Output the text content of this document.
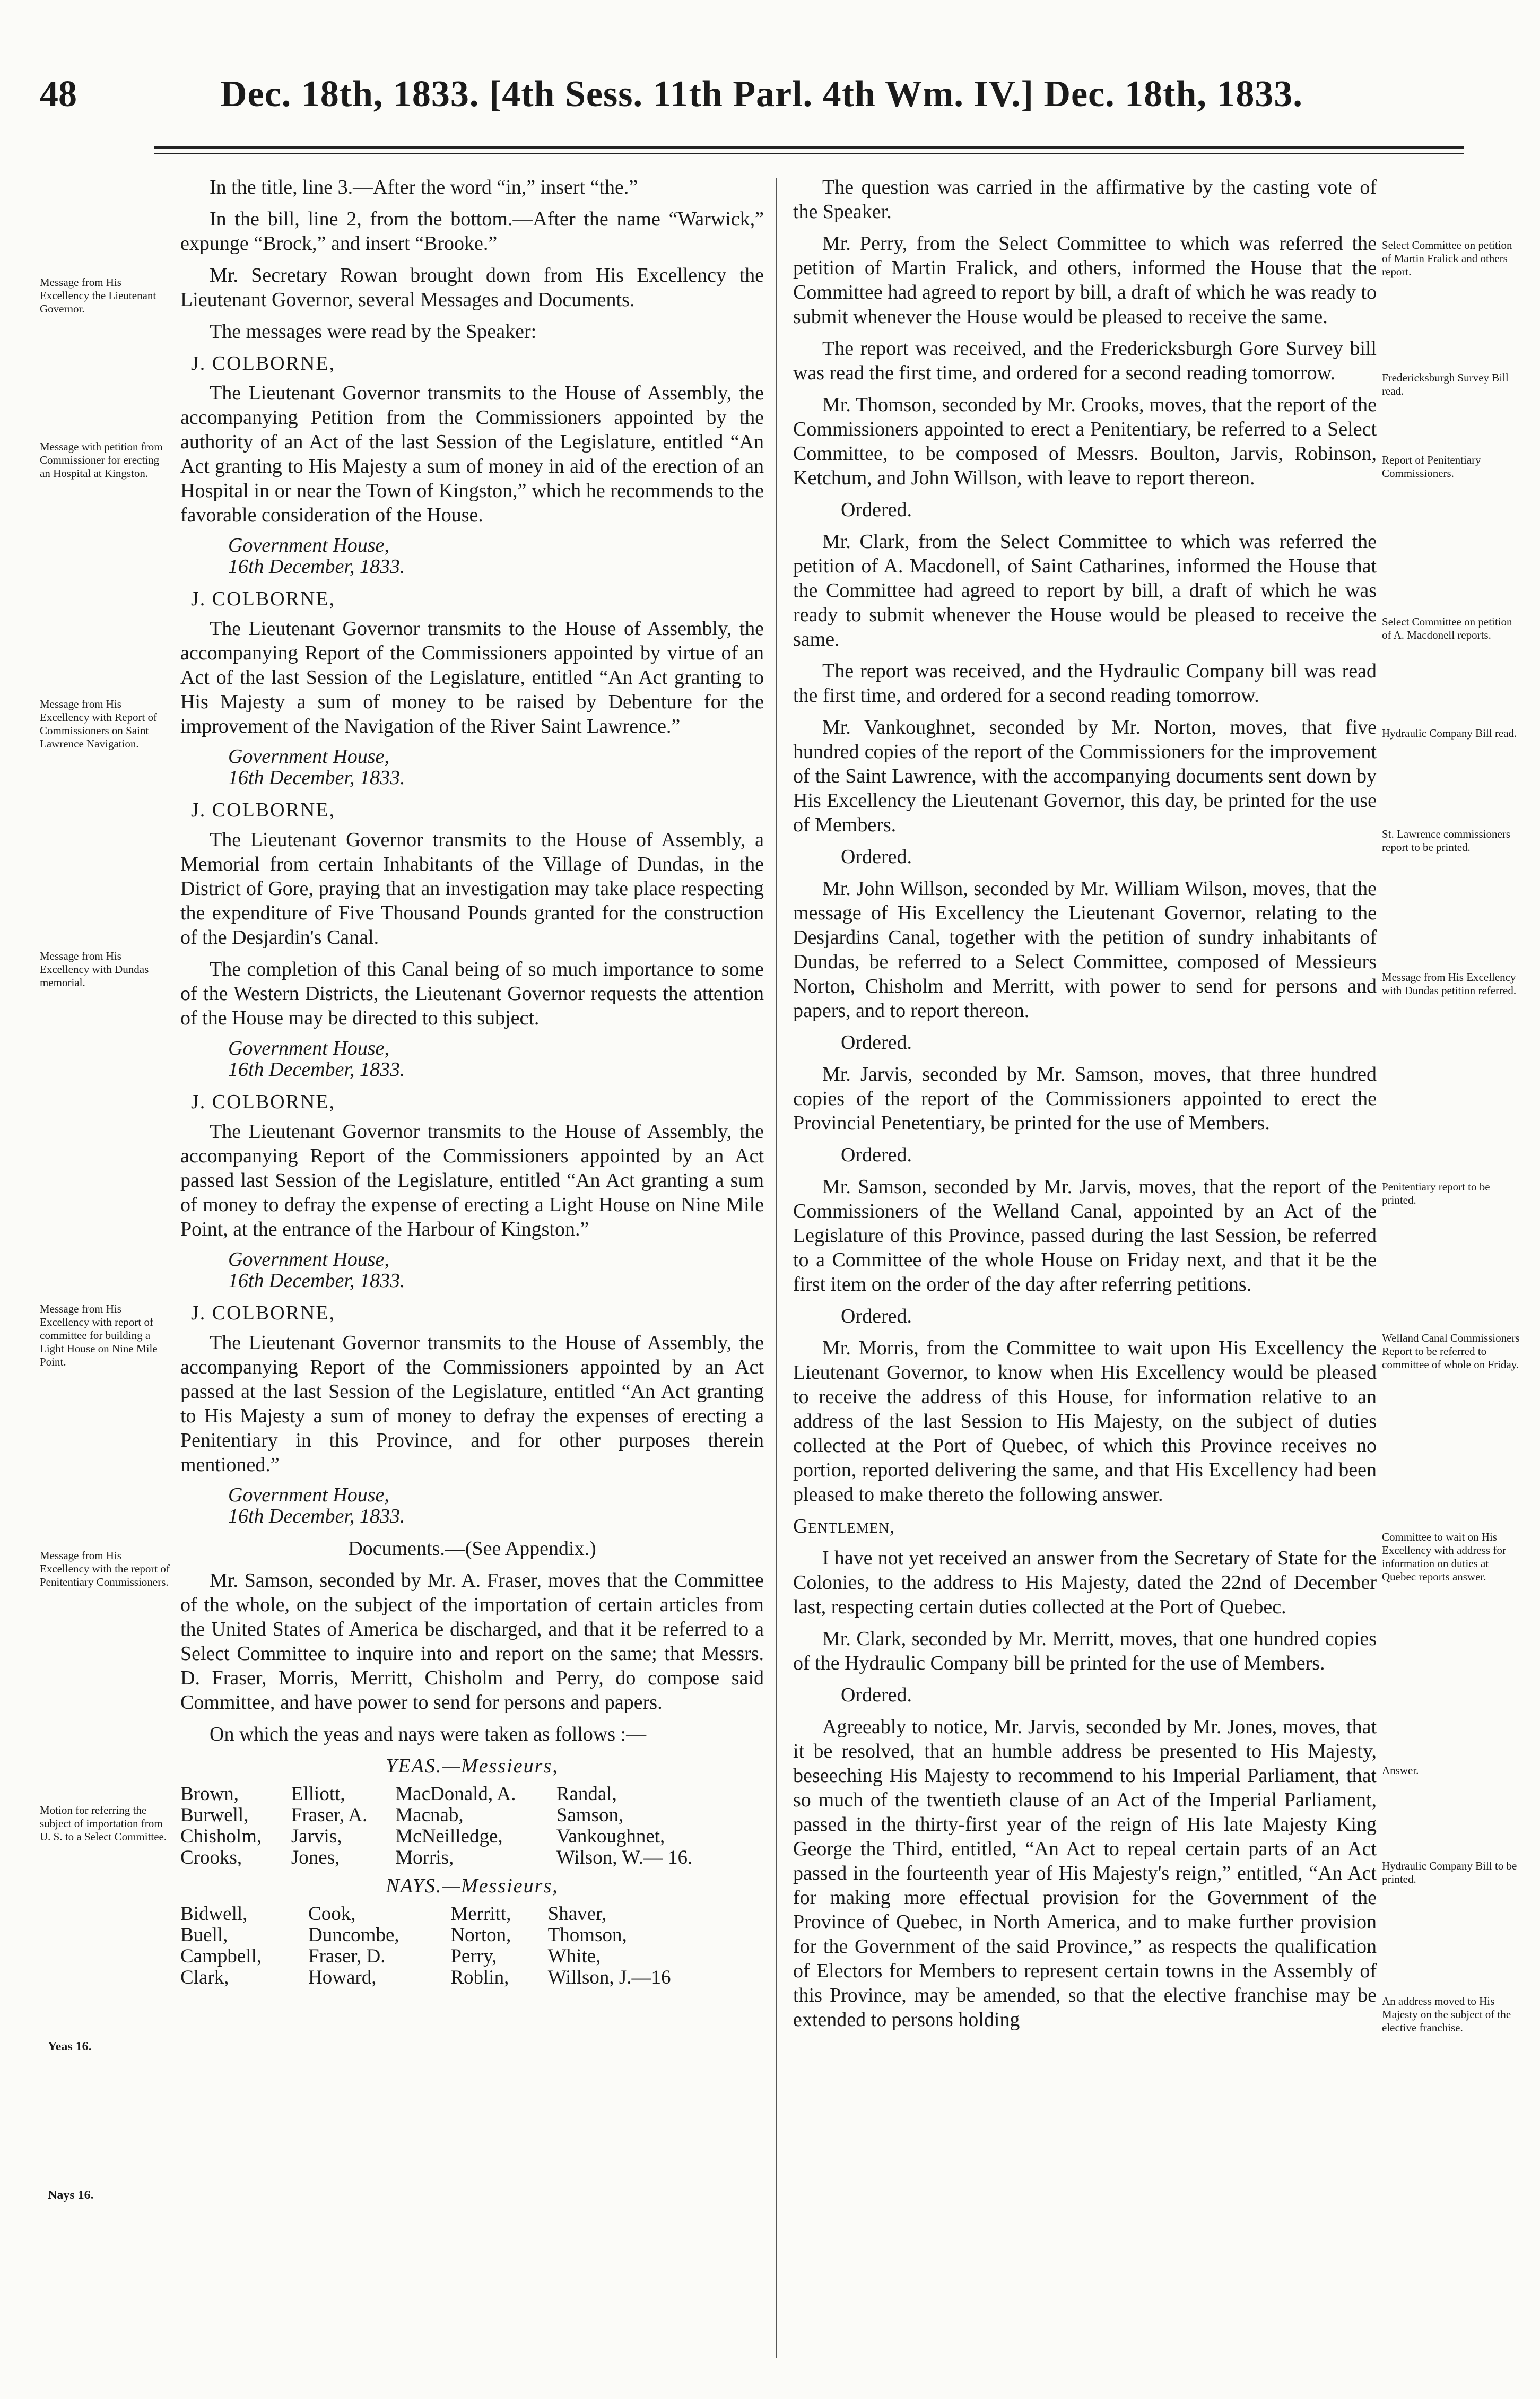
48	Dec. 18th, 1833. [4th Sess. 11th Parl. 4th Wm. IV.] Dec. 18th, 1833.

In the title, line 3.—After the word “in,” insert “the.”

In the bill, line 2, from the bottom.—After the name “Warwick,” expunge “Brock,” and insert “Brooke.”

Mr. Secretary Rowan brought down from His Excellency the Lieutenant Governor, several Messages and Documents.

The messages were read by the Speaker:

J. COLBORNE,

The Lieutenant Governor transmits to the House of Assembly, the accompanying Petition from the Commissioners appointed by the authority of an Act of the last Session of the Legislature, entitled “An Act granting to His Majesty a sum of money in aid of the erection of an Hospital in or near the Town of Kingston,” which he recommends to the favorable consideration of the House.

Government House,
16th December, 1833.
J. COLBORNE,

The Lieutenant Governor transmits to the House of Assembly, the accompanying Report of the Commissioners appointed by virtue of an Act of the last Session of the Legislature, entitled “An Act granting to His Majesty a sum of money to be raised by Debenture for the improvement of the Navigation of the River Saint Lawrence.”

Government House,
16th December, 1833.
J. COLBORNE,

The Lieutenant Governor transmits to the House of Assembly, a Memorial from certain Inhabitants of the Village of Dundas, in the District of Gore, praying that an investigation may take place respecting the expenditure of Five Thousand Pounds granted for the construction of the Desjardin's Canal.

The completion of this Canal being of so much importance to some of the Western Districts, the Lieutenant Governor requests the attention of the House may be directed to this subject.

Government House,
16th December, 1833.
J. COLBORNE,

The Lieutenant Governor transmits to the House of Assembly, the accompanying Report of the Commissioners appointed by an Act passed last Session of the Legislature, entitled “An Act granting a sum of money to defray the expense of erecting a Light House on Nine Mile Point, at the entrance of the Harbour of Kingston.”

Government House,
16th December, 1833.
J. COLBORNE,

The Lieutenant Governor transmits to the House of Assembly, the accompanying Report of the Commissioners appointed by an Act passed at the last Session of the Legislature, entitled “An Act granting to His Majesty a sum of money to defray the expenses of erecting a Penitentiary in this Province, and for other purposes therein mentioned.”

Government House,
16th December, 1833.

Documents.—(See Appendix.)

Mr. Samson, seconded by Mr. A. Fraser, moves that the Committee of the whole, on the subject of the importation of certain articles from the United States of America be discharged, and that it be referred to a Select Committee to inquire into and report on the same; that Messrs. D. Fraser, Morris, Merritt, Chisholm and Perry, do compose said Committee, and have power to send for persons and papers.

On which the yeas and nays were taken as follows :—

YEAS.—Messieurs,
Brown,	Elliott,	MacDonald, A.	Randal,
Burwell,	Fraser, A.	Macnab,	Samson,
Chisholm,	Jarvis,	McNeilledge,	Vankoughnet,
Crooks,	Jones,	Morris,	Wilson, W.— 16.
NAYS.—Messieurs,
Bidwell,	Cook,	Merritt,	Shaver,
Buell,	Duncombe,	Norton,	Thomson,
Campbell,	Fraser, D.	Perry,	White,
Clark,	Howard,	Roblin,	Willson, J.—16

The question was carried in the affirmative by the casting vote of the Speaker.

Mr. Perry, from the Select Committee to which was referred the petition of Martin Fralick, and others, informed the House that the Committee had agreed to report by bill, a draft of which he was ready to submit whenever the House would be pleased to receive the same.

The report was received, and the Fredericksburgh Gore Survey bill was read the first time, and ordered for a second reading tomorrow.

Mr. Thomson, seconded by Mr. Crooks, moves, that the report of the Commissioners appointed to erect a Penitentiary, be referred to a Select Committee, to be composed of Messrs. Boulton, Jarvis, Robinson, Ketchum, and John Willson, with leave to report thereon.

Ordered.

Mr. Clark, from the Select Committee to which was referred the petition of A. Macdonell, of Saint Catharines, informed the House that the Committee had agreed to report by bill, a draft of which he was ready to submit whenever the House would be pleased to receive the same.

The report was received, and the Hydraulic Company bill was read the first time, and ordered for a second reading tomorrow.

Mr. Vankoughnet, seconded by Mr. Norton, moves, that five hundred copies of the report of the Commissioners for the improvement of the Saint Lawrence, with the accompanying documents sent down by His Excellency the Lieutenant Governor, this day, be printed for the use of Members.

Ordered.

Mr. John Willson, seconded by Mr. William Wilson, moves, that the message of His Excellency the Lieutenant Governor, relating to the Desjardins Canal, together with the petition of sundry inhabitants of Dundas, be referred to a Select Committee, composed of Messieurs Norton, Chisholm and Merritt, with power to send for persons and papers, and to report thereon.

Ordered.

Mr. Jarvis, seconded by Mr. Samson, moves, that three hundred copies of the report of the Commissioners appointed to erect the Provincial Penetentiary, be printed for the use of Members.

Ordered.

Mr. Samson, seconded by Mr. Jarvis, moves, that the report of the Commissioners of the Welland Canal, appointed by an Act of the Legislature of this Province, passed during the last Session, be referred to a Committee of the whole House on Friday next, and that it be the first item on the order of the day after referring petitions.

Ordered.

Mr. Morris, from the Committee to wait upon His Excellency the Lieutenant Governor, to know when His Excellency would be pleased to receive the address of this House, for information relative to an address of the last Session to His Majesty, on the subject of duties collected at the Port of Quebec, of which this Province receives no portion, reported delivering the same, and that His Excellency had been pleased to make thereto the following answer.

Gentlemen,

I have not yet received an answer from the Secretary of State for the Colonies, to the address to His Majesty, dated the 22nd of December last, respecting certain duties collected at the Port of Quebec.

Mr. Clark, seconded by Mr. Merritt, moves, that one hundred copies of the Hydraulic Company bill be printed for the use of Members.

Ordered.

Agreeably to notice, Mr. Jarvis, seconded by Mr. Jones, moves, that it be resolved, that an humble address be presented to His Majesty, beseeching His Majesty to recommend to his Imperial Parliament, that so much of the twentieth clause of an Act of the Imperial Parliament, passed in the thirty-first year of the reign of His late Majesty King George the Third, entitled, “An Act to repeal certain parts of an Act passed in the fourteenth year of His Majesty's reign,” entitled, “An Act for making more effectual provision for the Government of the Province of Quebec, in North America, and to make further provision for the Government of the said Province,” as respects the qualification of Electors for Members to represent certain towns in the Assembly of this Province, may be amended, so that the elective franchise may be extended to persons holding

Message from His Excellency the Lieutenant Governor.
Message with petition from Commissioner for erecting an Hospital at Kingston.
Message from His Excellency with Report of Commissioners on Saint Lawrence Navigation.
Message from His Excellency with Dundas memorial.
Message from His Excellency with report of committee for building a Light House on Nine Mile Point.
Message from His Excellency with the report of Penitentiary Commissioners.
Motion for referring the subject of importation from U. S. to a Select Committee.
Yeas 16.
Nays 16.
Select Committee on petition of Martin Fralick and others report.
Fredericksburgh Survey Bill read.
Report of Penitentiary Commissioners.
Select Committee on petition of A. Macdonell reports.
Hydraulic Company Bill read.
St. Lawrence commissioners report to be printed.
Message from His Excellency with Dundas petition referred.
Penitentiary report to be printed.
Welland Canal Commissioners Report to be referred to committee of whole on Friday.
Committee to wait on His Excellency with address for information on duties at Quebec reports answer.
Answer.
Hydraulic Company Bill to be printed.
An address moved to His Majesty on the subject of the elective franchise.
